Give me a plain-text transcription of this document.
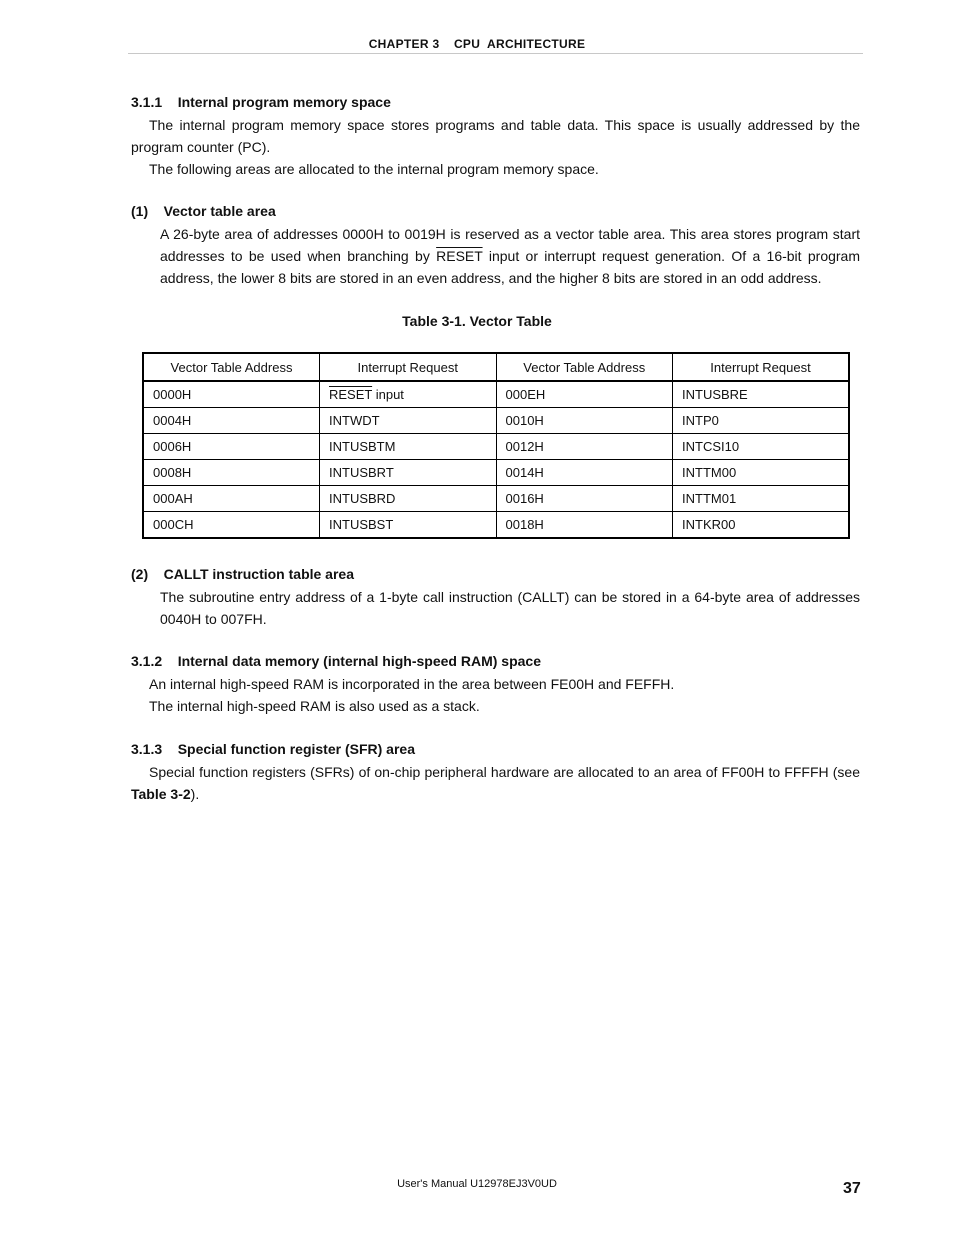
CHAPTER 3    CPU  ARCHITECTURE
3.1.1    Internal program memory space
The internal program memory space stores programs and table data. This space is usually addressed by the program counter (PC).
The following areas are allocated to the internal program memory space.
(1)    Vector table area
A 26-byte area of addresses 0000H to 0019H is reserved as a vector table area. This area stores program start addresses to be used when branching by RESET input or interrupt request generation. Of a 16-bit program address, the lower 8 bits are stored in an even address, and the higher 8 bits are stored in an odd address.
Table 3-1. Vector Table
Vector Table Address	Interrupt Request	Vector Table Address	Interrupt Request
0000H	RESET input	000EH	INTUSBRE
0004H	INTWDT	0010H	INTP0
0006H	INTUSBTM	0012H	INTCSI10
0008H	INTUSBRT	0014H	INTTM00
000AH	INTUSBRD	0016H	INTTM01
000CH	INTUSBST	0018H	INTKR00
(2)    CALLT instruction table area
The subroutine entry address of a 1-byte call instruction (CALLT) can be stored in a 64-byte area of addresses 0040H to 007FH.
3.1.2    Internal data memory (internal high-speed RAM) space
An internal high-speed RAM is incorporated in the area between FE00H and FEFFH.
The internal high-speed RAM is also used as a stack.
3.1.3    Special function register (SFR) area
Special function registers (SFRs) of on-chip peripheral hardware are allocated to an area of FF00H to FFFFH (see Table 3-2).
User's Manual U12978EJ3V0UD	37
